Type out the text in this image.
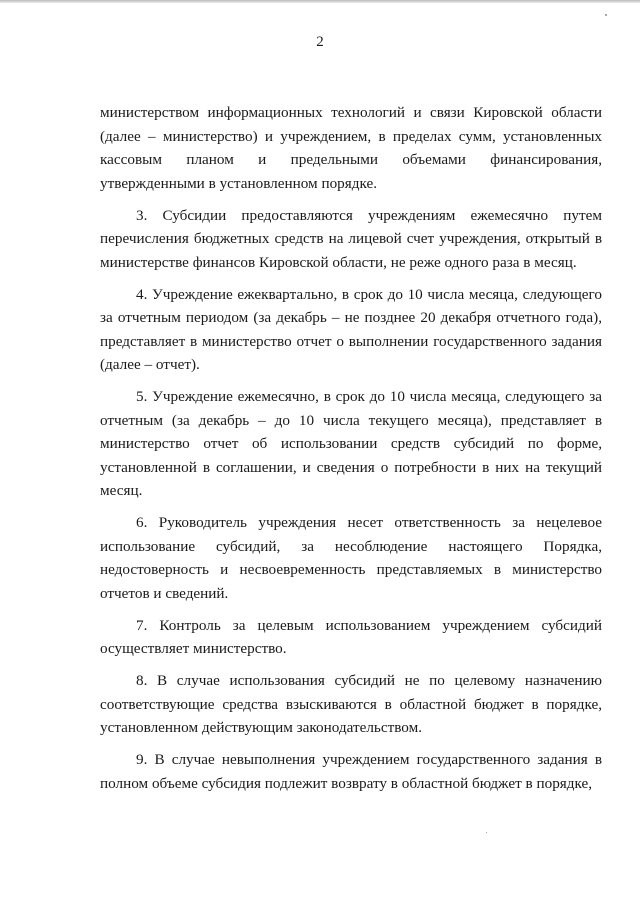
2

министерством информационных технологий и связи Кировской области (далее – министерство) и учреждением, в пределах сумм, установленных кассовым планом и предельными объемами финансирования, утвержденными в установленном порядке.

3. Субсидии предоставляются учреждениям ежемесячно путем перечисления бюджетных средств на лицевой счет учреждения, открытый в министерстве финансов Кировской области, не реже одного раза в месяц.

4. Учреждение ежеквартально, в срок до 10 числа месяца, следующего за отчетным периодом (за декабрь – не позднее 20 декабря отчетного года), представляет в министерство отчет о выполнении государственного задания (далее – отчет).

5. Учреждение ежемесячно, в срок до 10 числа месяца, следующего за отчетным (за декабрь – до 10 числа текущего месяца), представляет в министерство отчет об использовании средств субсидий по форме, установленной в соглашении, и сведения о потребности в них на текущий месяц.

6. Руководитель учреждения несет ответственность за нецелевое использование субсидий, за несоблюдение настоящего Порядка, недостоверность и несвоевременность представляемых в министерство отчетов и сведений.

7. Контроль за целевым использованием учреждением субсидий осуществляет министерство.

8. В случае использования субсидий не по целевому назначению соответствующие средства взыскиваются в областной бюджет в порядке, установленном действующим законодательством.

9. В случае невыполнения учреждением государственного задания в полном объеме субсидия подлежит возврату в областной бюджет в порядке,
